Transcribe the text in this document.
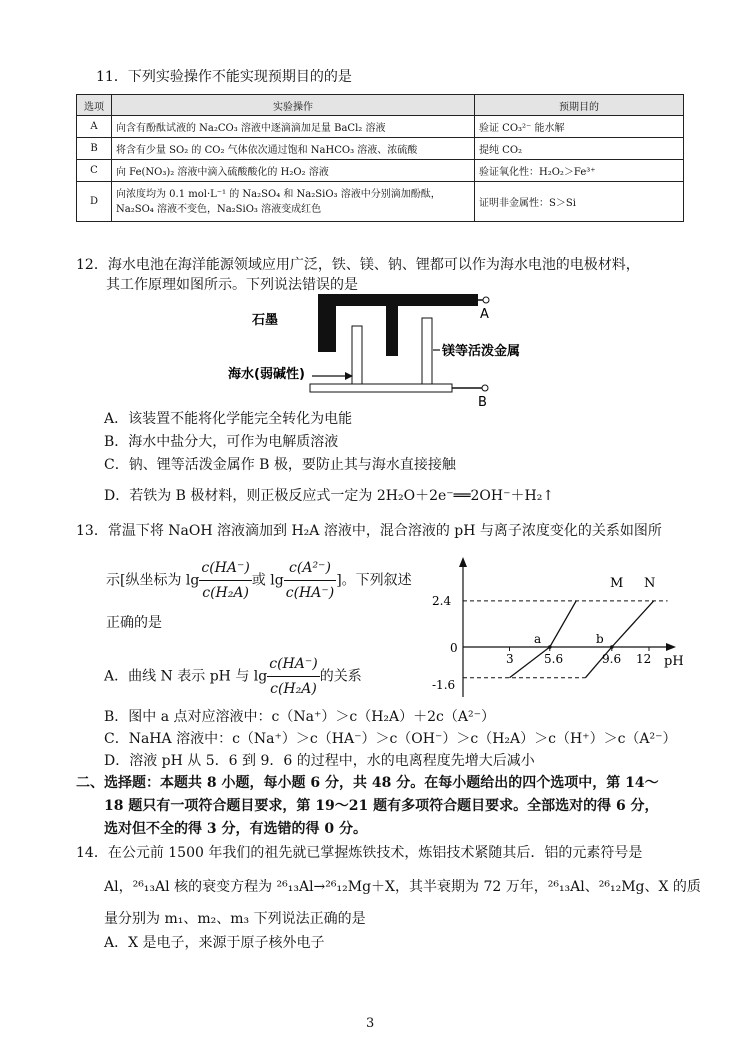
11．下列实验操作不能实现预期目的的是
选项	实验操作	预期目的
A	向含有酚酞试液的 Na₂CO₃ 溶液中逐滴滴加足量 BaCl₂ 溶液	验证 CO₃²⁻ 能水解
B	将含有少量 SO₂ 的 CO₂ 气体依次通过饱和 NaHCO₃ 溶液、浓硫酸	提纯 CO₂
C	向 Fe(NO₃)₂ 溶液中滴入硫酸酸化的 H₂O₂ 溶液	验证氧化性：H₂O₂＞Fe³⁺
D	向浓度均为 0.1 mol·L⁻¹ 的 Na₂SO₄ 和 Na₂SiO₃ 溶液中分别滴加酚酞，Na₂SO₄ 溶液不变色，Na₂SiO₃ 溶液变成红色	证明非金属性：S＞Si
12．海水电池在海洋能源领域应用广泛，铁、镁、钠、锂都可以作为海水电池的电极材料，
其工作原理如图所示。下列说法错误的是
石墨
海水(弱碱性)
镁等活泼金属
A
B
A．该装置不能将化学能完全转化为电能
B．海水中盐分大，可作为电解质溶液
C．钠、锂等活泼金属作 B 极，要防止其与海水直接接触
D．若铁为 B 极材料，则正极反应式一定为 2H₂O＋2e⁻══2OH⁻＋H₂↑
13．常温下将 NaOH 溶液滴加到 H₂A 溶液中，混合溶液的 pH 与离子浓度变化的关系如图所
示[纵坐标为 $\lg \frac{c(HA^-)}{\text{c(H₂A)}}$ 或 $\lg \frac{\text{c(A²⁻)}}{c(HA^-)}$ ]。下列叙述
正确的是
A．曲线 N 表示 pH 与 $\lg \frac{c(HA^-)}{\text{c(H₂A)}}$ 的关系
2.4
0
-1.6
3	5.6	9.6 12 pH
M N
a	b
B．图中 a 点对应溶液中：c（Na⁺）＞c（H₂A）＋2c（A²⁻）
C．NaHA 溶液中：c（Na⁺）＞c（HA⁻）＞c（OH⁻）＞c（H₂A）＞c（H⁺）＞c（A²⁻）
D．溶液 pH 从 5．6 到 9．6 的过程中，水的电离程度先增大后减小
二、选择题：本题共 8 小题，每小题 6 分，共 48 分。在每小题给出的四个选项中，第 14～
18 题只有一项符合题目要求，第 19～21 题有多项符合题目要求。全部选对的得 6 分，
选对但不全的得 3 分，有选错的得 0 分。
14．在公元前 1500 年我们的祖先就已掌握炼铁技术，炼铝技术紧随其后．铝的元素符号是
Al，²⁶₁₃Al 核的衰变方程为 ²⁶₁₃Al→²⁶₁₂Mg＋X，其半衰期为 72 万年，²⁶₁₃Al、²⁶₁₂Mg、X 的质
量分别为 m₁、m₂、m₃ 下列说法正确的是
A．X 是电子，来源于原子核外电子
3
